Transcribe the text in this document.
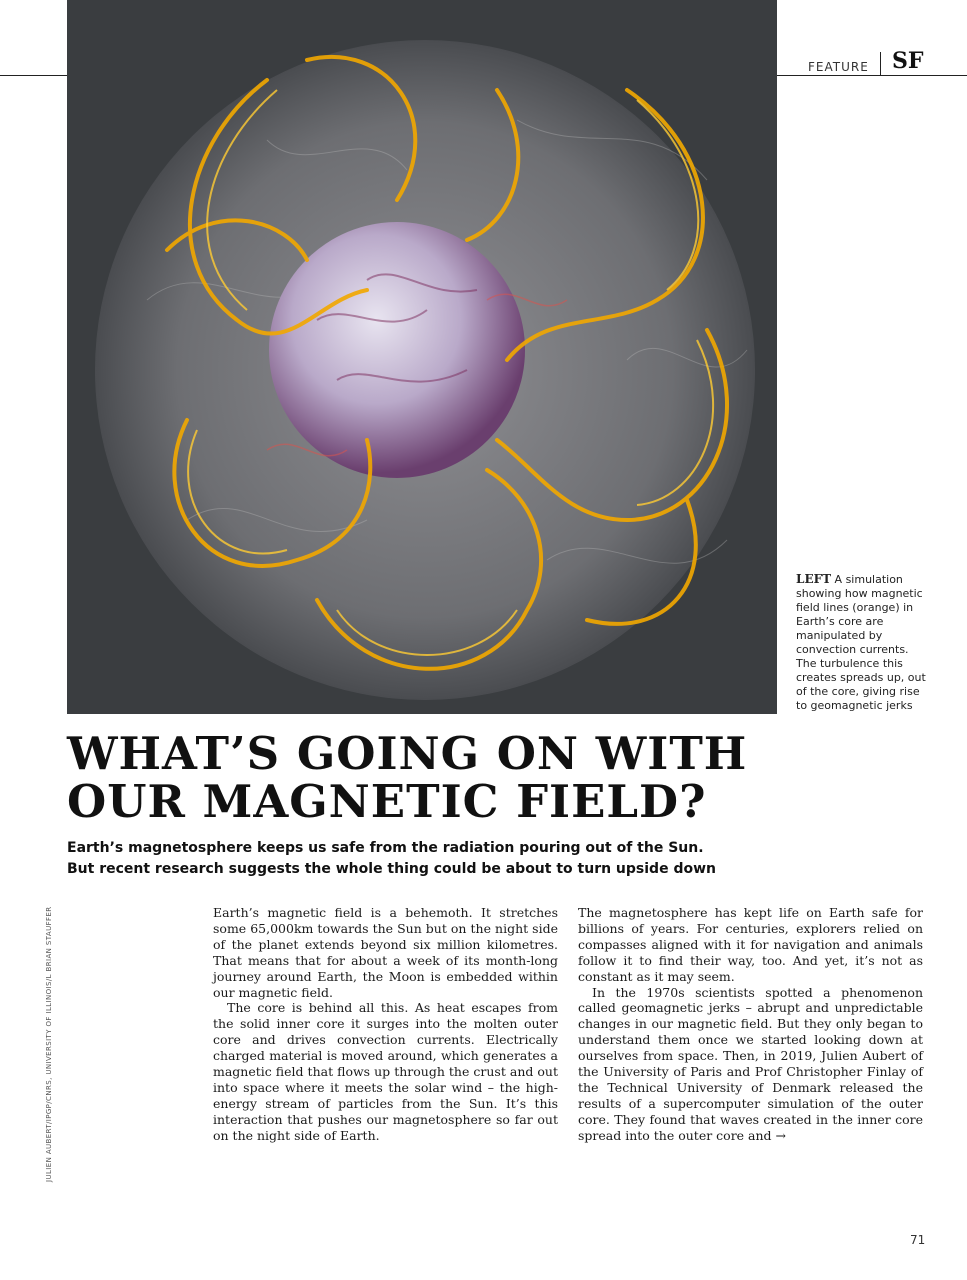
FEATURE SF
LEFT A simulation showing how magnetic field lines (orange) in Earth’s core are manipulated by convection currents. The turbulence this creates spreads up, out of the core, giving rise to geomagnetic jerks
WHAT’S GOING ON WITH
OUR MAGNETIC FIELD?

Earth’s magnetosphere keeps us safe from the radiation pouring out of the Sun.
But recent research suggests the whole thing could be about to turn upside down

JULIEN AUBERT/IPGP/CNRS, UNIVERSITY OF ILLINOIS/L BRIAN STAUFFER	Earth’s magnetic field is a behemoth. It stretches some 65,000km towards the Sun but on the night side of the planet extends beyond six million kilometres. That means that for about a week of its month-long journey around Earth, the Moon is embedded within our magnetic field.

The core is behind all this. As heat escapes from the solid inner core it surges into the molten outer core and drives convection currents. Electrically charged material is moved around, which generates a magnetic field that flows up through the crust and out into space where it meets the solar wind – the high-energy stream of particles from the Sun. It’s this interaction that pushes our magnetosphere so far out on the night side of Earth.

The magnetosphere has kept life on Earth safe for billions of years. For centuries, explorers relied on compasses aligned with it for navigation and animals follow it to find their way, too. And yet, it’s not as constant as it may seem.

In the 1970s scientists spotted a phenomenon called geomagnetic jerks – abrupt and unpredictable changes in our magnetic field. But they only began to understand them once we started looking down at ourselves from space. Then, in 2019, Julien Aubert of the University of Paris and Prof Christopher Finlay of the Technical University of Denmark released the results of a supercomputer simulation of the outer core. They found that waves created in the inner core spread into the outer core and →

71
